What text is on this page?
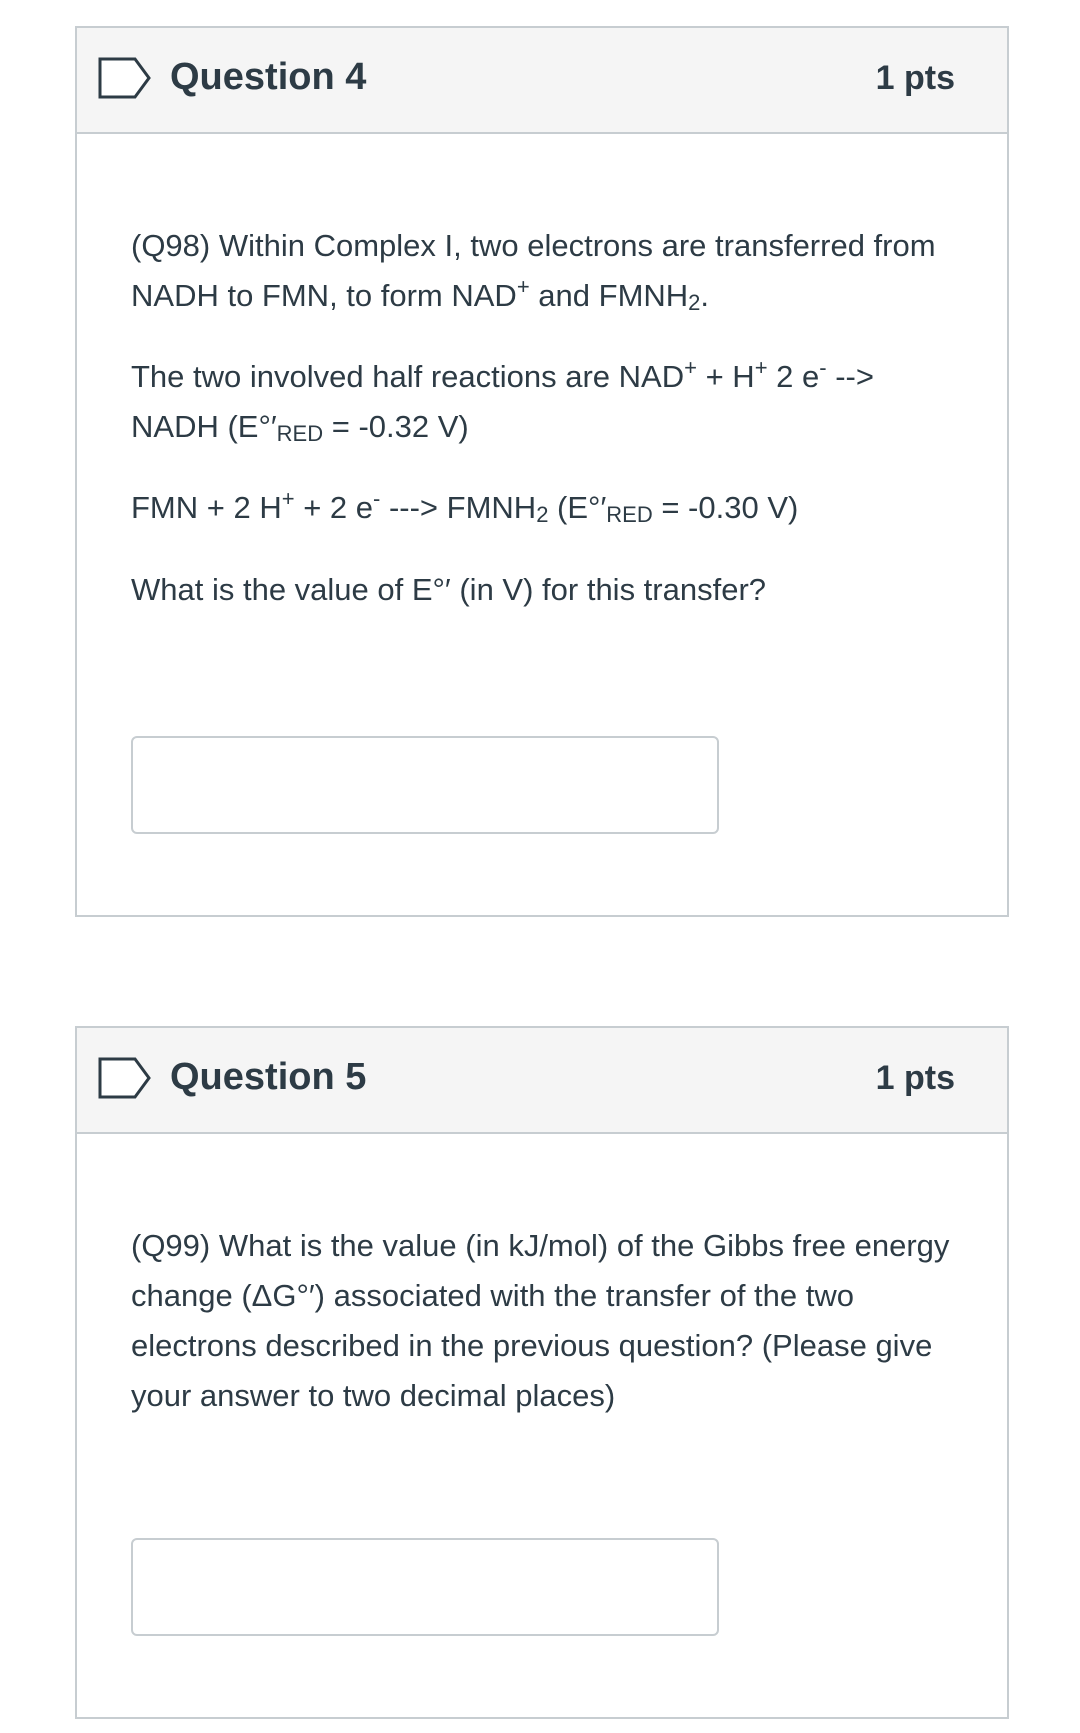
Question 4	1 pts

(Q98) Within Complex I, two electrons are transferred from NADH to FMN, to form NAD+ and $FMNH_2$.

The two involved half reactions are NAD+ + H+ 2 e- --> NADH ($E^\circ'_{RED} = -0.32$ V)

FMN + 2 H+ + 2 e- ---> $FMNH_2$ ($E^\circ'_{RED} = -0.30$ V)

What is the value of E°′ (in V) for this transfer?

Question 5	1 pts

(Q99) What is the value (in kJ/mol) of the Gibbs free energy change (ΔG°′) associated with the transfer of the two electrons described in the previous question? (Please give your answer to two decimal places)
